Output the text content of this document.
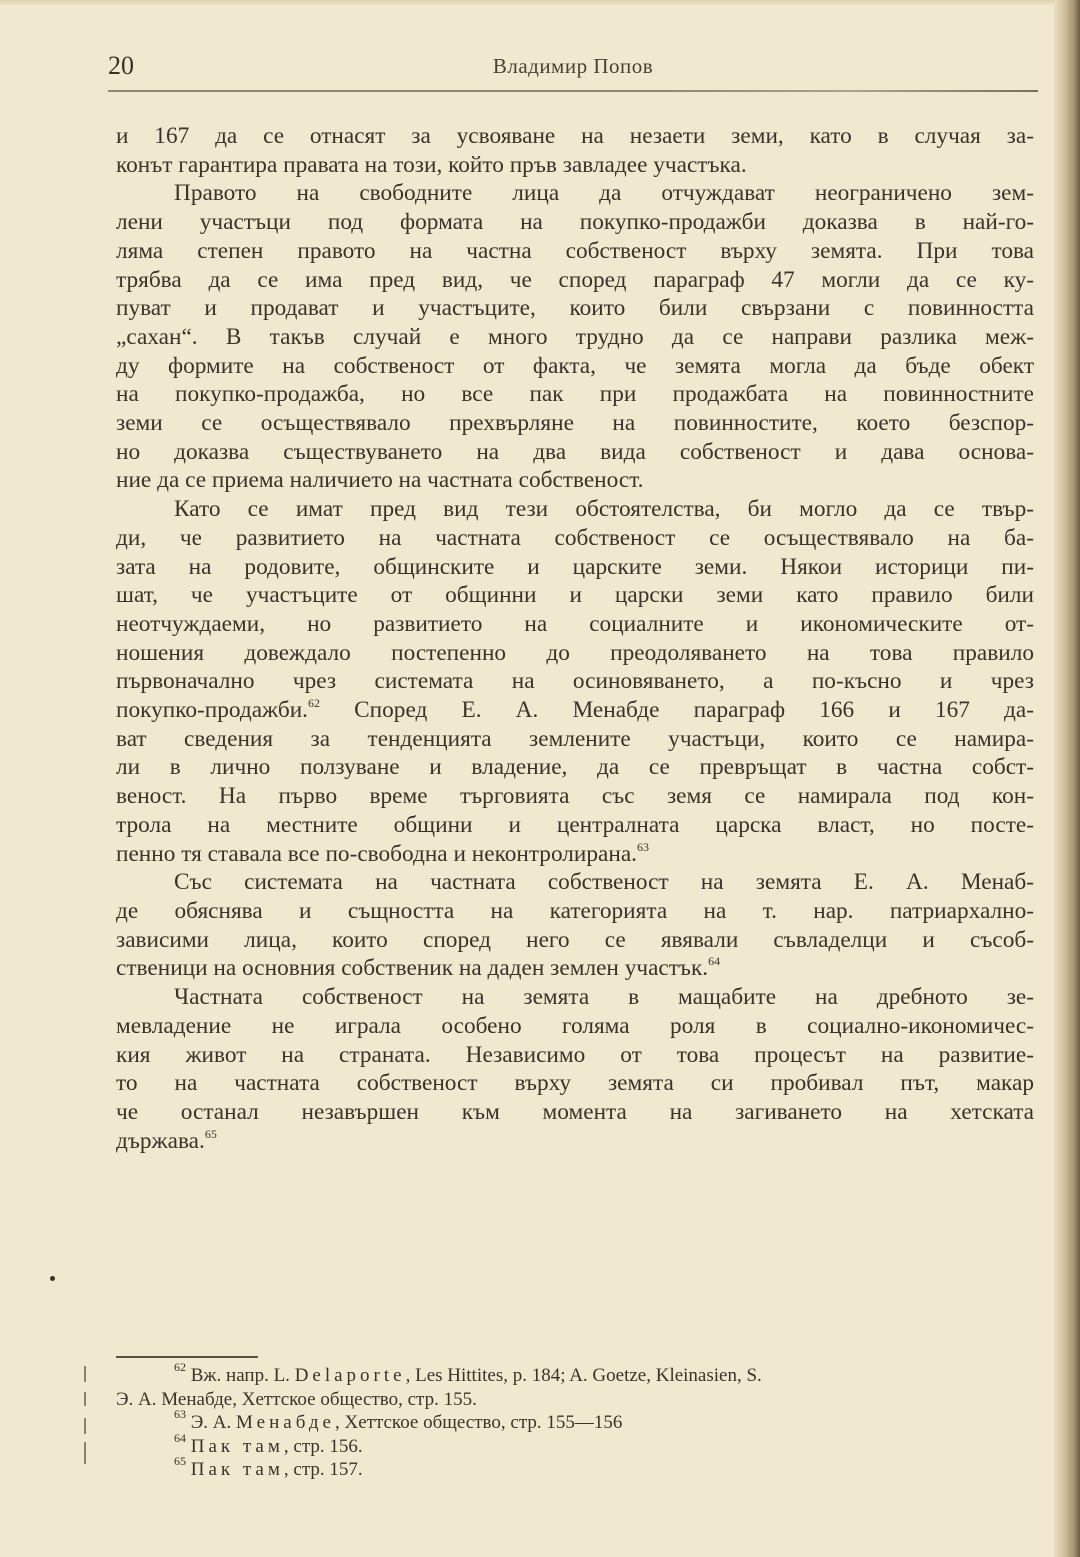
20	Владимир Попов

и 167 да се отнасят за усвояване на незаети земи, като в случая за-
конът гарантира правата на този, който пръв завладее участъка.

Правото на свободните лица да отчуждават неограничено зем-
лени участъци под формата на покупко-продажби доказва в най-го-
ляма степен правото на частна собственост върху земята. При това
трябва да се има пред вид, че според параграф 47 могли да се ку-
пуват и продават и участъците, които били свързани с повинността
„сахан“. В такъв случай е много трудно да се направи разлика меж-
ду формите на собственост от факта, че земята могла да бъде обект
на покупко-продажба, но все пак при продажбата на повинностните
земи се осъществявало прехвърляне на повинностите, което безспор-
но доказва съществуването на два вида собственост и дава основа-
ние да се приема наличието на частната собственост.

Като се имат пред вид тези обстоятелства, би могло да се твър-
ди, че развитието на частната собственост се осъществявало на ба-
зата на родовите, общинските и царските земи. Някои историци пи-
шат, че участъците от общинни и царски земи като правило били
неотчуждаеми, но развитието на социалните и икономическите от-
ношения довеждало постепенно до преодоляването на това правило
първоначално чрез системата на осиновяването, а по-късно и чрез
покупко-продажби.$^{62}$ Според Е. А. Менабде параграф 166 и 167 да-
ват сведения за тенденцията землените участъци, които се намира-
ли в лично ползуване и владение, да се превръщат в частна собст-
веност. На първо време търговията със земя се намирала под кон-
трола на местните общини и централната царска власт, но посте-
пенно тя ставала все по-свободна и неконтролирана.$^{63}$

Със системата на частната собственост на земята Е. А. Менаб-
де обяснява и същността на категорията на т. нар. патриархално-
зависими лица, които според него се явявали съвладелци и съсоб-
ственици на основния собственик на даден землен участък.$^{64}$

Частната собственост на земята в мащабите на дребното зе-
мевладение не играла особено голяма роля в социално-икономичес-
кия живот на страната. Независимо от това процесът на развитие-
то на частната собственост върху земята си пробивал път, макар
че останал незавършен към момента на загиването на хетската
държава.$^{65}$

$^{62}$ Вж. напр. L. Delaporte, Les Hittites, p. 184; A. Goetze, Kleinasien, S.
Э. А. Менабде, Хеттское общество, стр. 155.
$^{63}$ Э. А. Менабде, Хеттское общество, стр. 155—156
$^{64}$ Пак там, стр. 156.
$^{65}$ Пак там, стр. 157.
